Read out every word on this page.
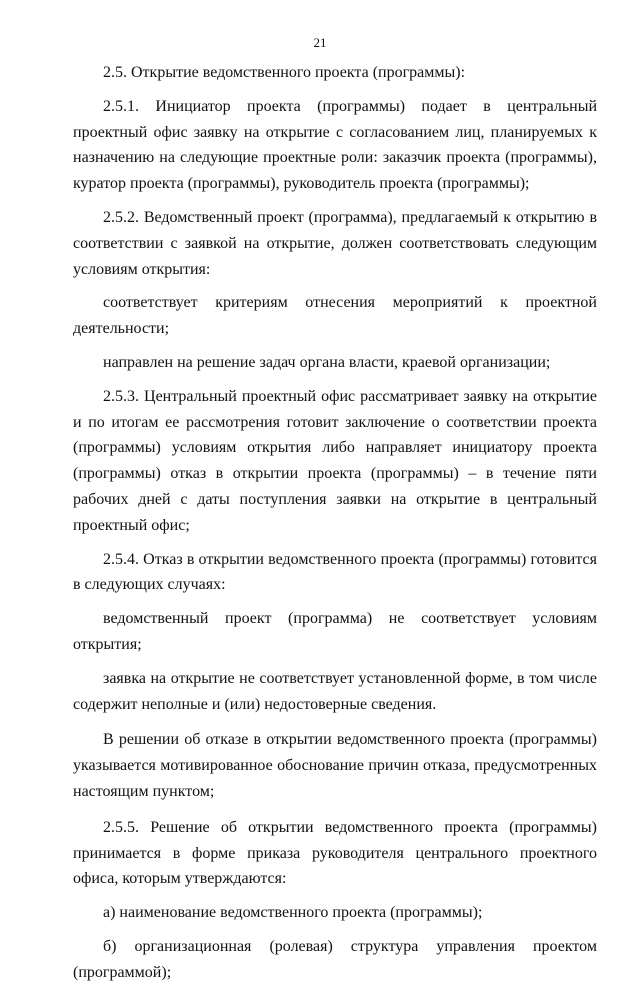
21

2.5. Открытие ведомственного проекта (программы):

2.5.1. Инициатор проекта (программы) подает в центральный проектный офис заявку на открытие с согласованием лиц, планируемых к назначению на следующие проектные роли: заказчик проекта (программы), куратор проекта (программы), руководитель проекта (программы);

2.5.2. Ведомственный проект (программа), предлагаемый к открытию в соответствии с заявкой на открытие, должен соответствовать следующим условиям открытия:

соответствует критериям отнесения мероприятий к проектной деятельности;

направлен на решение задач органа власти, краевой организации;

2.5.3. Центральный проектный офис рассматривает заявку на открытие и по итогам ее рассмотрения готовит заключение о соответствии проекта (программы) условиям открытия либо направляет инициатору проекта (программы) отказ в открытии проекта (программы) – в течение пяти рабочих дней с даты поступления заявки на открытие в центральный проектный офис;

2.5.4. Отказ в открытии ведомственного проекта (программы) готовится в следующих случаях:

ведомственный проект (программа) не соответствует условиям открытия;

заявка на открытие не соответствует установленной форме, в том числе содержит неполные и (или) недостоверные сведения.

В решении об отказе в открытии ведомственного проекта (программы) указывается мотивированное обоснование причин отказа, предусмотренных настоящим пунктом;

2.5.5. Решение об открытии ведомственного проекта (программы) принимается в форме приказа руководителя центрального проектного офиса, которым утверждаются:

а) наименование ведомственного проекта (программы);

б) организационная (ролевая) структура управления проектом (программой);
